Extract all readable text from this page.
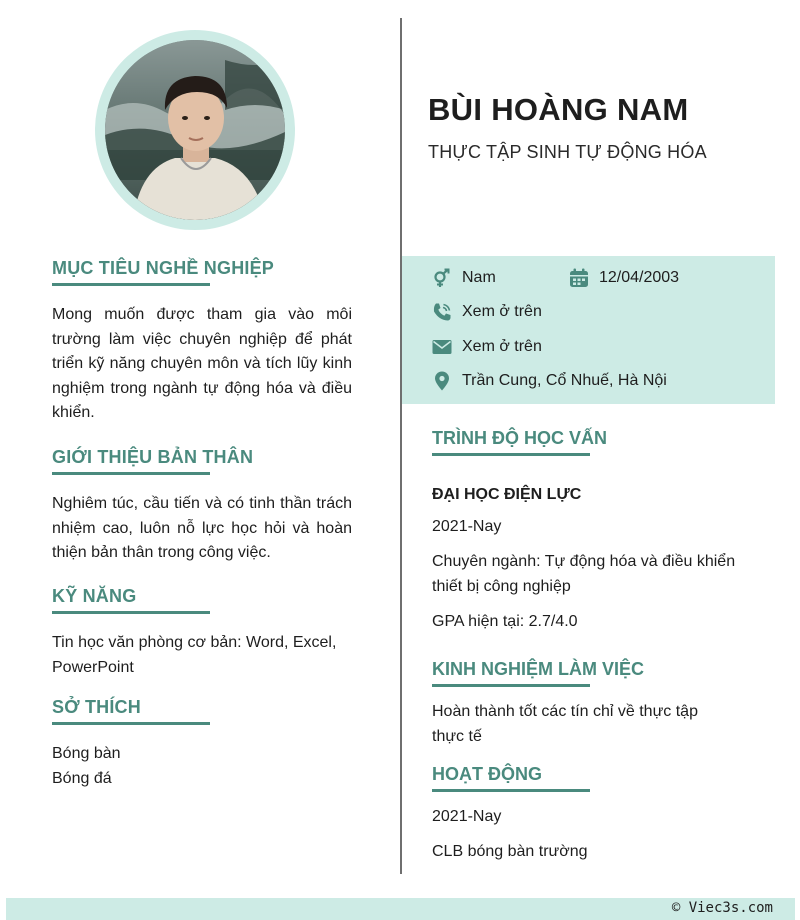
MỤC TIÊU NGHỀ NGHIỆP
Mong muốn được tham gia vào môi trường làm việc chuyên nghiệp để phát triển kỹ năng chuyên môn và tích lũy kinh nghiệm trong ngành tự động hóa và điều khiển.
GIỚI THIỆU BẢN THÂN
Nghiêm túc, cầu tiến và có tinh thần trách nhiệm cao, luôn nỗ lực học hỏi và hoàn thiện bản thân trong công việc.
KỸ NĂNG
Tin học văn phòng cơ bản: Word, Excel, PowerPoint
SỞ THÍCH
Bóng bàn
Bóng đá
BÙI HOÀNG NAM
THỰC TẬP SINH TỰ ĐỘNG HÓA
Nam	12/04/2003
Xem ở trên
Xem ở trên
Trần Cung, Cổ Nhuế, Hà Nội
TRÌNH ĐỘ HỌC VẤN
ĐẠI HỌC ĐIỆN LỰC
2021-Nay
Chuyên ngành: Tự động hóa và điều khiển thiết bị công nghiệp
GPA hiện tại: 2.7/4.0
KINH NGHIỆM LÀM VIỆC
Hoàn thành tốt các tín chỉ về thực tập thực tế
HOẠT ĐỘNG
2021-Nay
CLB bóng bàn trường
© Viec3s.com
